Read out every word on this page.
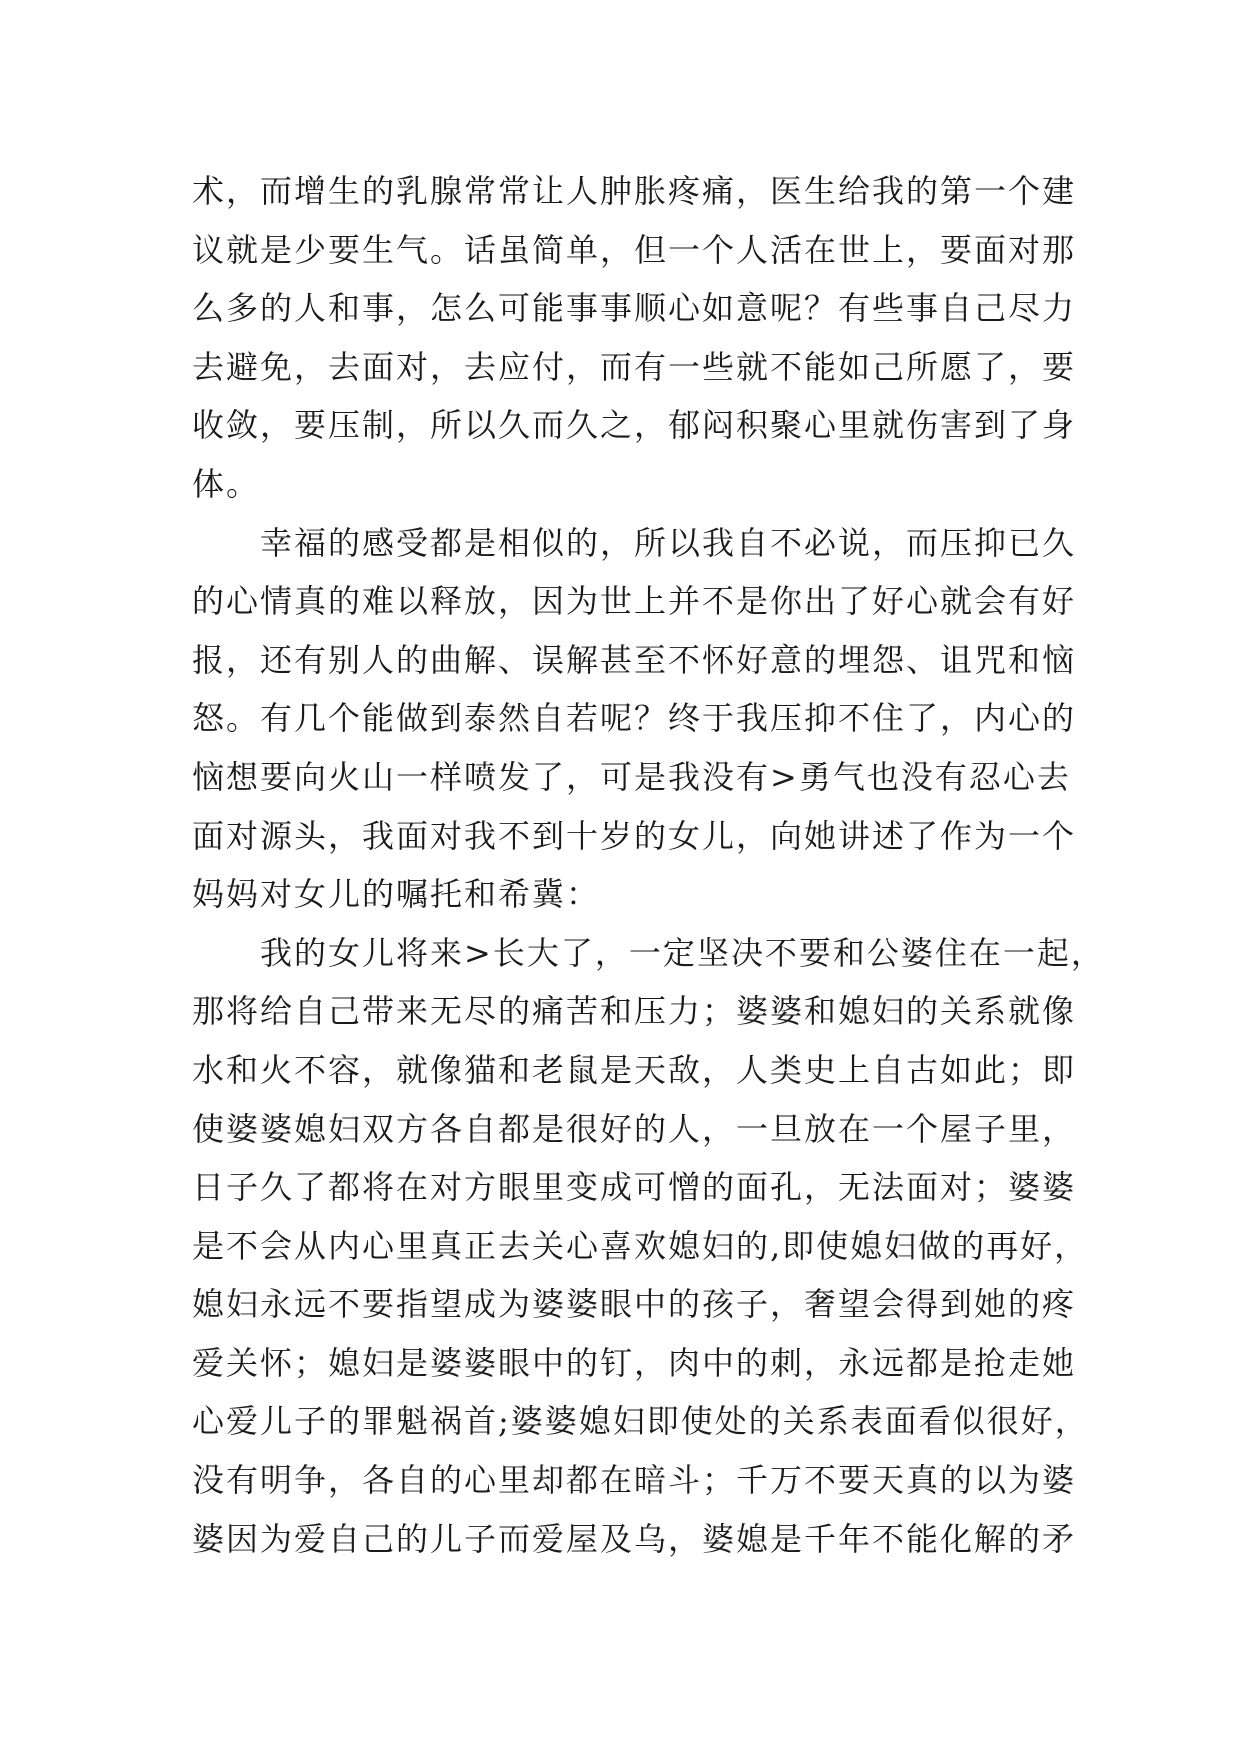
术，而增生的乳腺常常让人肿胀疼痛，医生给我的第一个建
议就是少要生气。话虽简单，但一个人活在世上，要面对那
么多的人和事，怎么可能事事顺心如意呢？有些事自己尽力
去避免，去面对，去应付，而有一些就不能如己所愿了，要
收敛，要压制，所以久而久之，郁闷积聚心里就伤害到了身
体。
幸福的感受都是相似的，所以我自不必说，而压抑已久
的心情真的难以释放，因为世上并不是你出了好心就会有好
报，还有别人的曲解、误解甚至不怀好意的埋怨、诅咒和恼
怒。有几个能做到泰然自若呢？终于我压抑不住了，内心的
恼想要向火山一样喷发了，可是我没有>勇气也没有忍心去
面对源头，我面对我不到十岁的女儿，向她讲述了作为一个
妈妈对女儿的嘱托和希冀：
我的女儿将来>长大了，一定坚决不要和公婆住在一起，
那将给自己带来无尽的痛苦和压力；婆婆和媳妇的关系就像
水和火不容，就像猫和老鼠是天敌，人类史上自古如此；即
使婆婆媳妇双方各自都是很好的人，一旦放在一个屋子里，
日子久了都将在对方眼里变成可憎的面孔，无法面对；婆婆
是不会从内心里真正去关心喜欢媳妇的,即使媳妇做的再好，
媳妇永远不要指望成为婆婆眼中的孩子，奢望会得到她的疼
爱关怀；媳妇是婆婆眼中的钉，肉中的刺，永远都是抢走她
心爱儿子的罪魁祸首;婆婆媳妇即使处的关系表面看似很好，
没有明争，各自的心里却都在暗斗；千万不要天真的以为婆
婆因为爱自己的儿子而爱屋及乌，婆媳是千年不能化解的矛
